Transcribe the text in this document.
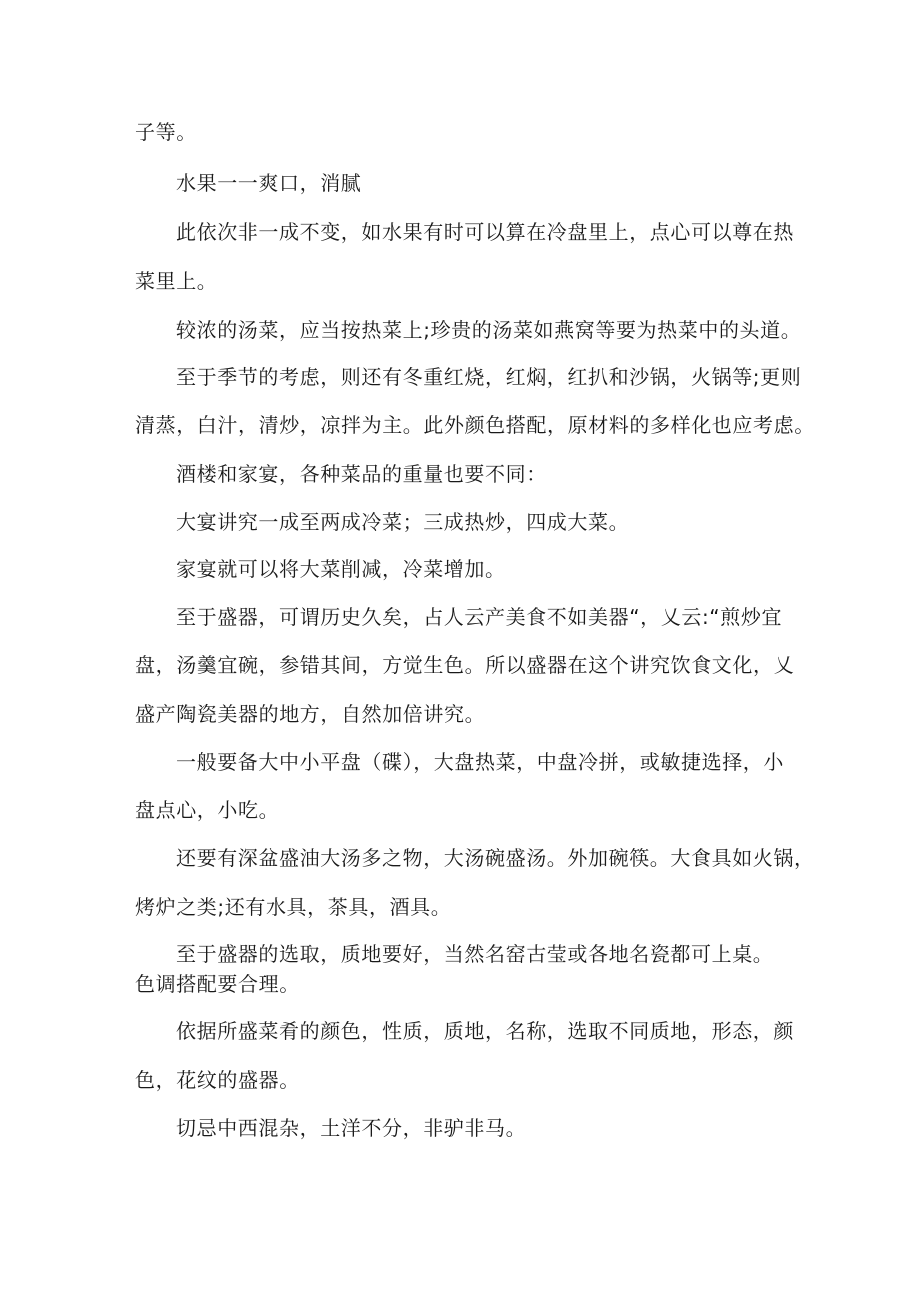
子等。

水果一一爽口，消腻

此依次非一成不变，如水果有时可以算在冷盘里上，点心可以尊在热

菜里上。

较浓的汤菜，应当按热菜上;珍贵的汤菜如燕窝等要为热菜中的头道。

至于季节的考虑，则还有冬重红烧，红焖，红扒和沙锅，火锅等;更则

清蒸，白汁，清炒，凉拌为主。此外颜色搭配，原材料的多样化也应考虑。

酒楼和家宴，各种菜品的重量也要不同：

大宴讲究一成至两成冷菜；三成热炒，四成大菜。

家宴就可以将大菜削减，冷菜增加。

至于盛器，可谓历史久矣，占人云产美食不如美器“，乂云:“煎炒宜

盘，汤羹宜碗，参错其间，方觉生色。所以盛器在这个讲究饮食文化，乂

盛产陶瓷美器的地方，自然加倍讲究。

一般要备大中小平盘（碟），大盘热菜，中盘冷拼，或敏捷选择，小

盘点心，小吃。

还要有深盆盛油大汤多之物，大汤碗盛汤。外加碗筷。大食具如火锅，

烤炉之类;还有水具，茶具，酒具。

至于盛器的选取，质地要好，当然名窑古莹或各地名瓷都可上桌。

色调搭配要合理。

依据所盛菜肴的颜色，性质，质地，名称，选取不同质地，形态，颜

色，花纹的盛器。

切忌中西混杂，土洋不分，非驴非马。
